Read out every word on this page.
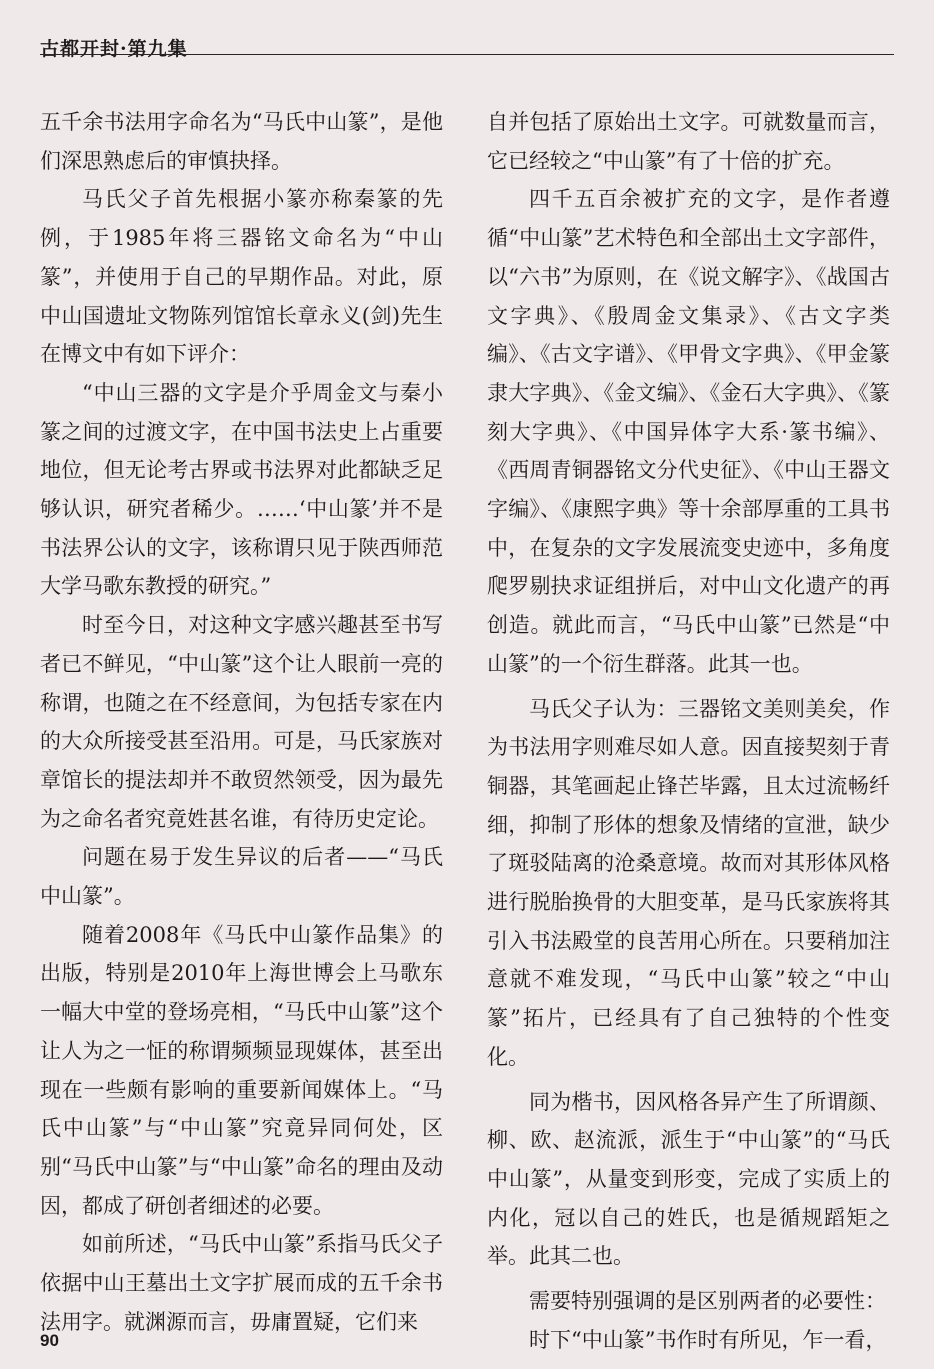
古都开封·第九集

五千余书法用字命名为“马氏中山篆”，是他们深思熟虑后的审慎抉择。

马氏父子首先根据小篆亦称秦篆的先例，于1985年将三器铭文命名为“中山篆”，并使用于自己的早期作品。对此，原中山国遗址文物陈列馆馆长章永义(剑)先生在博文中有如下评介：

“中山三器的文字是介乎周金文与秦小篆之间的过渡文字，在中国书法史上占重要地位，但无论考古界或书法界对此都缺乏足够认识，研究者稀少。……‘中山篆’并不是书法界公认的文字，该称谓只见于陕西师范大学马歌东教授的研究。”

时至今日，对这种文字感兴趣甚至书写者已不鲜见，“中山篆”这个让人眼前一亮的称谓，也随之在不经意间，为包括专家在内的大众所接受甚至沿用。可是，马氏家族对章馆长的提法却并不敢贸然领受，因为最先为之命名者究竟姓甚名谁，有待历史定论。

问题在易于发生异议的后者——“马氏中山篆”。

随着2008年《马氏中山篆作品集》的出版，特别是2010年上海世博会上马歌东一幅大中堂的登场亮相，“马氏中山篆”这个让人为之一怔的称谓频频显现媒体，甚至出现在一些颇有影响的重要新闻媒体上。“马氏中山篆”与“中山篆”究竟异同何处，区别“马氏中山篆”与“中山篆”命名的理由及动因，都成了研创者细述的必要。

如前所述，“马氏中山篆”系指马氏父子依据中山王墓出土文字扩展而成的五千余书法用字。就渊源而言，毋庸置疑，它们来

自并包括了原始出土文字。可就数量而言，它已经较之“中山篆”有了十倍的扩充。

四千五百余被扩充的文字，是作者遵循“中山篆”艺术特色和全部出土文字部件，以“六书”为原则，在《说文解字》、《战国古文字典》、《殷周金文集录》、《古文字类编》、《古文字谱》、《甲骨文字典》、《甲金篆隶大字典》、《金文编》、《金石大字典》、《篆刻大字典》、《中国异体字大系·篆书编》、《西周青铜器铭文分代史征》、《中山王器文字编》、《康熙字典》等十余部厚重的工具书中，在复杂的文字发展流变史迹中，多角度爬罗剔抉求证组拼后，对中山文化遗产的再创造。就此而言，“马氏中山篆”已然是“中山篆”的一个衍生群落。此其一也。

马氏父子认为：三器铭文美则美矣，作为书法用字则难尽如人意。因直接契刻于青铜器，其笔画起止锋芒毕露，且太过流畅纤细，抑制了形体的想象及情绪的宣泄，缺少了斑驳陆离的沧桑意境。故而对其形体风格进行脱胎换骨的大胆变革，是马氏家族将其引入书法殿堂的良苦用心所在。只要稍加注意就不难发现，“马氏中山篆”较之“中山篆”拓片，已经具有了自己独特的个性变化。

同为楷书，因风格各异产生了所谓颜、柳、欧、赵流派，派生于“中山篆”的“马氏中山篆”，从量变到形变，完成了实质上的内化，冠以自己的姓氏，也是循规蹈矩之举。此其二也。

需要特别强调的是区别两者的必要性：

时下“中山篆”书作时有所见，乍一看，

90
